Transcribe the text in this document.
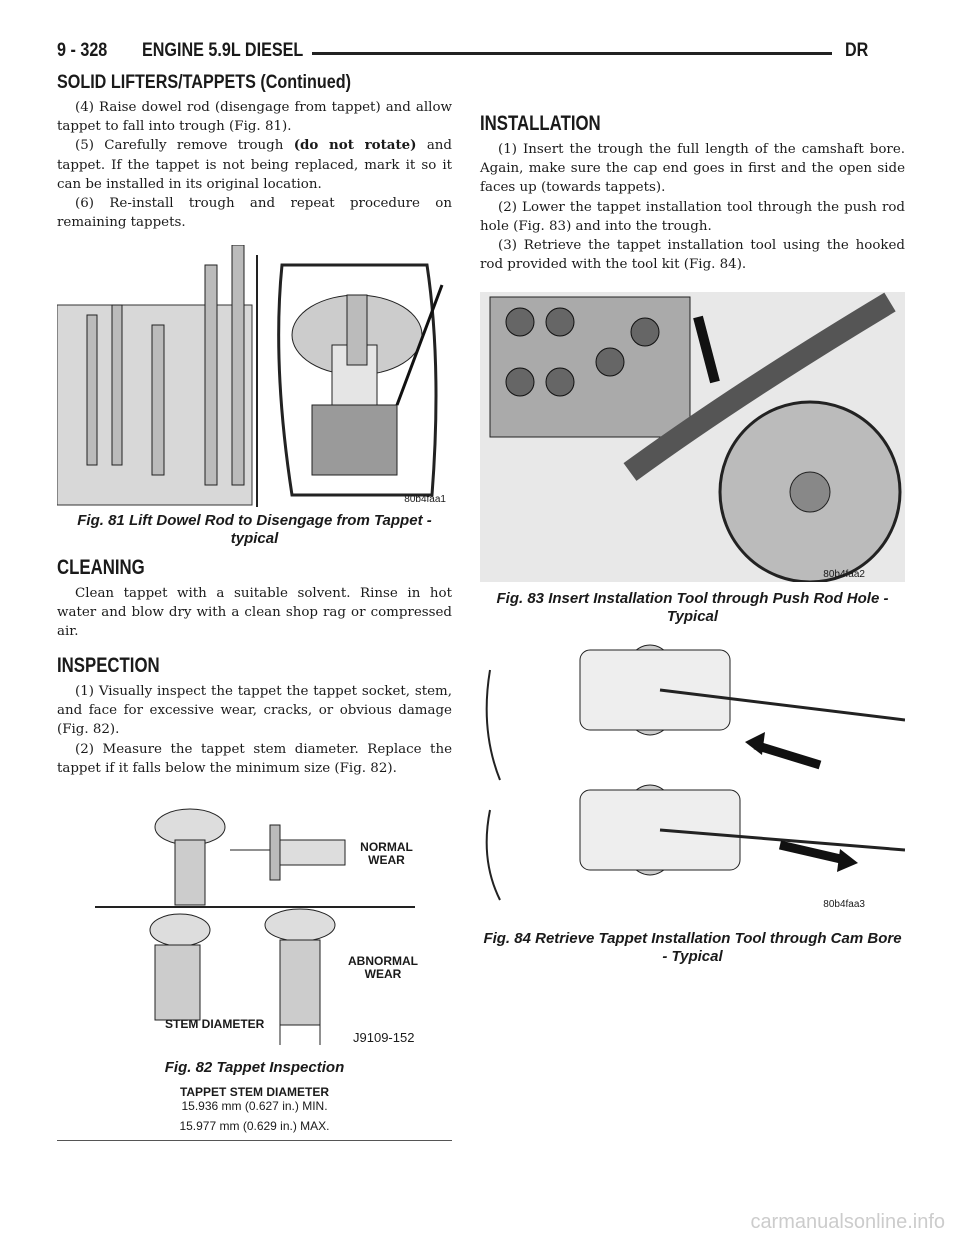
9 - 328 ENGINE 5.9L DIESEL	DR
SOLID LIFTERS/TAPPETS (Continued)

(4) Raise dowel rod (disengage from tappet) and allow tappet to fall into trough (Fig. 81).

(5) Carefully remove trough (do not rotate) and tappet. If the tappet is not being replaced, mark it so it can be installed in its original location.

(6) Re-install trough and repeat procedure on remaining tappets.

80b4faa1
Fig. 81 Lift Dowel Rod to Disengage from Tappet - typical
CLEANING

Clean tappet with a suitable solvent. Rinse in hot water and blow dry with a clean shop rag or compressed air.

INSPECTION

(1) Visually inspect the tappet the tappet socket, stem, and face for excessive wear, cracks, or obvious damage (Fig. 82).

(2) Measure the tappet stem diameter. Replace the tappet if it falls below the minimum size (Fig. 82).

NORMAL WEAR
ABNORMAL WEAR
STEM DIAMETER
J9109-152
Fig. 82 Tappet Inspection
TAPPET STEM DIAMETER
15.936 mm (0.627 in.) MIN.
15.977 mm (0.629 in.) MAX.
INSTALLATION

(1) Insert the trough the full length of the camshaft bore. Again, make sure the cap end goes in first and the open side faces up (towards tappets).

(2) Lower the tappet installation tool through the push rod hole (Fig. 83) and into the trough.

(3) Retrieve the tappet installation tool using the hooked rod provided with the tool kit (Fig. 84).

80b4faa2
Fig. 83 Insert Installation Tool through Push Rod Hole - Typical
80b4faa3
Fig. 84 Retrieve Tappet Installation Tool through Cam Bore - Typical
carmanualsonline.info
